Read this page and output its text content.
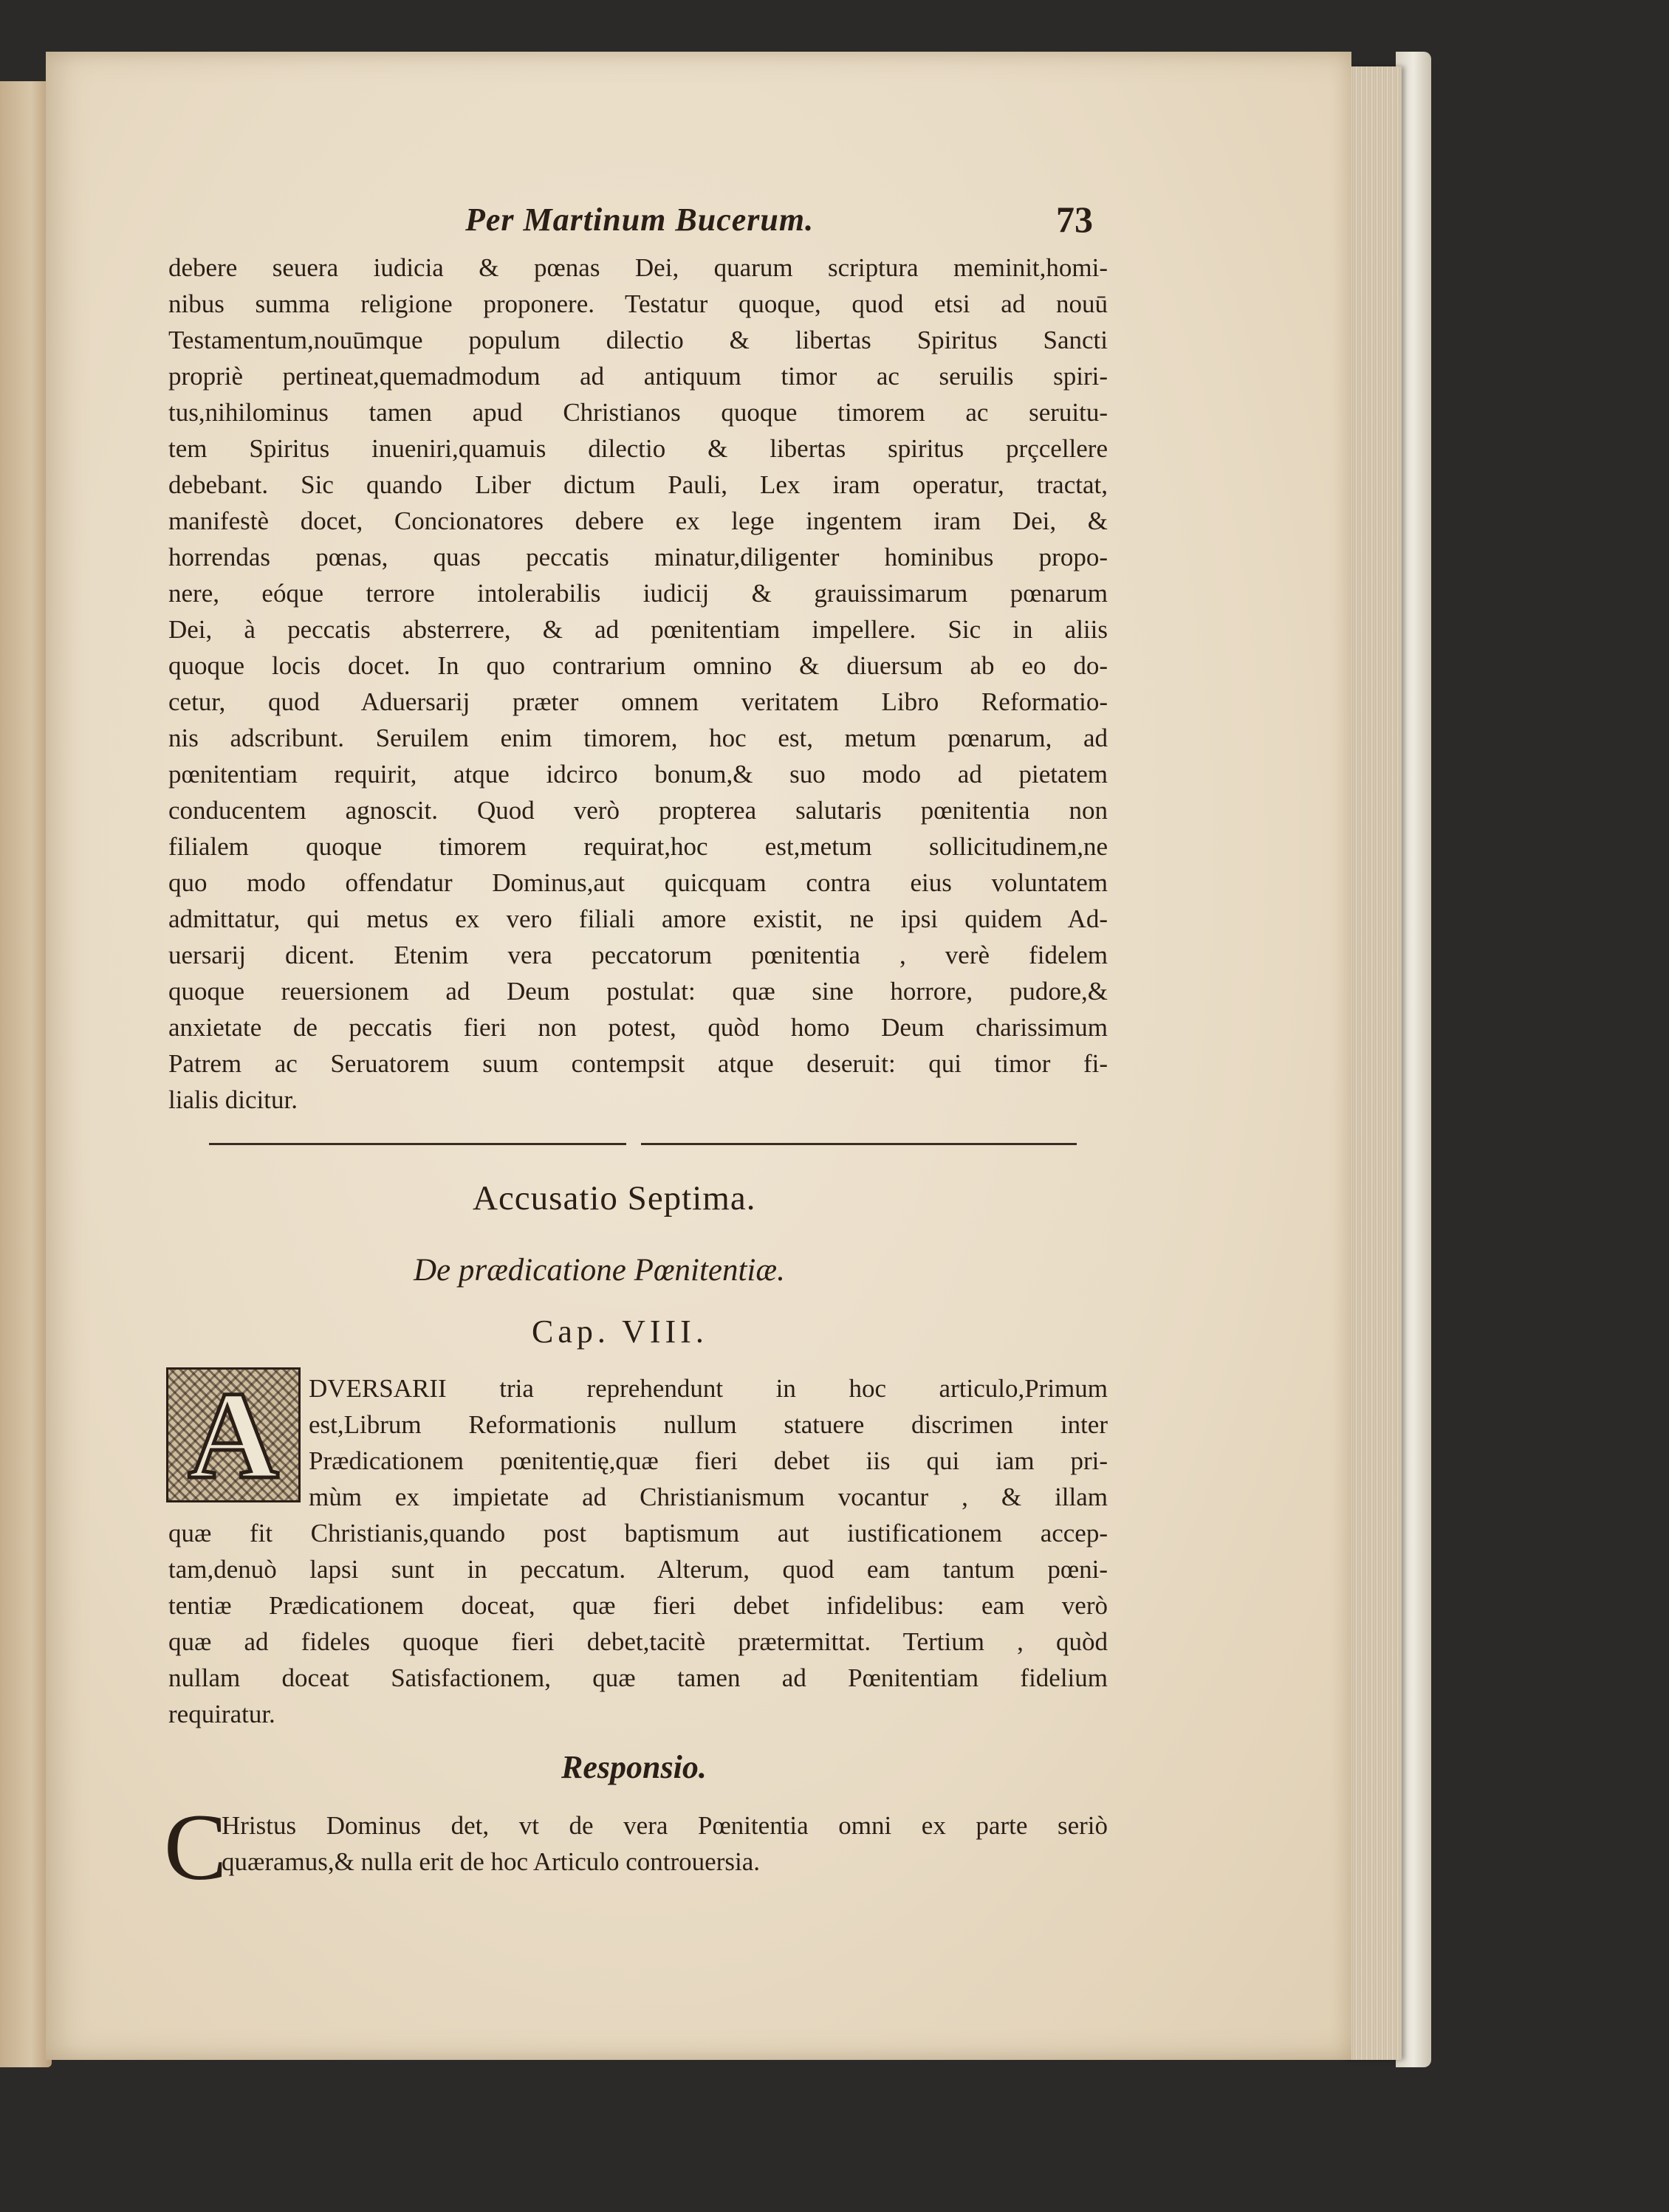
Per Martinum Bucerum.	73
debere seuera iudicia & pœnas Dei, quarum scriptura meminit,homi-
nibus summa religione proponere. Testatur quoque, quod etsi ad nouū
Testamentum,nouūmque populum dilectio & libertas Spiritus Sancti
propriè pertineat,quemadmodum ad antiquum timor ac seruilis spiri-
tus,nihilominus tamen apud Christianos quoque timorem ac seruitu-
tem Spiritus inueniri,quamuis dilectio & libertas spiritus prçcellere
debebant. Sic quando Liber dictum Pauli, Lex iram operatur, tractat,
manifestè docet, Concionatores debere ex lege ingentem iram Dei, &
horrendas pœnas, quas peccatis minatur,diligenter hominibus propo-
nere, eóque terrore intolerabilis iudicij & grauissimarum pœnarum
Dei, à peccatis absterrere, & ad pœnitentiam impellere. Sic in aliis
quoque locis docet. In quo contrarium omnino & diuersum ab eo do-
cetur, quod Aduersarij præter omnem veritatem Libro Reformatio-
nis adscribunt. Seruilem enim timorem, hoc est, metum pœnarum, ad
pœnitentiam requirit, atque idcirco bonum,& suo modo ad pietatem
conducentem agnoscit. Quod verò propterea salutaris pœnitentia non
filialem quoque timorem requirat,hoc est,metum sollicitudinem,ne
quo modo offendatur Dominus,aut quicquam contra eius voluntatem
admittatur, qui metus ex vero filiali amore existit, ne ipsi quidem Ad-
uersarij dicent. Etenim vera peccatorum pœnitentia , verè fidelem
quoque reuersionem ad Deum postulat: quæ sine horrore, pudore,&
anxietate de peccatis fieri non potest, quòd homo Deum charissimum
Patrem ac Seruatorem suum contempsit atque deseruit: qui timor fi-
lialis dicitur.
Accusatio Septima.
De prædicatione Pœnitentiæ.
Cap. VIII.
A	DVERSARII tria reprehendunt in hoc articulo,Primum
est,Librum Reformationis nullum statuere discrimen inter
Prædicationem pœnitentię,quæ fieri debet iis qui iam pri-
mùm ex impietate ad Christianismum vocantur , & illam
quæ fit Christianis,quando post baptismum aut iustificationem accep-
tam,denuò lapsi sunt in peccatum. Alterum, quod eam tantum pœni-
tentiæ Prædicationem doceat, quæ fieri debet infidelibus: eam verò
quæ ad fideles quoque fieri debet,tacitè prætermittat. Tertium , quòd
nullam doceat Satisfactionem, quæ tamen ad Pœnitentiam fidelium
requiratur.
Responsio.
C
Hristus Dominus det, vt de vera Pœnitentia omni ex parte seriò
quæramus,& nulla erit de hoc Articulo controuersia.
